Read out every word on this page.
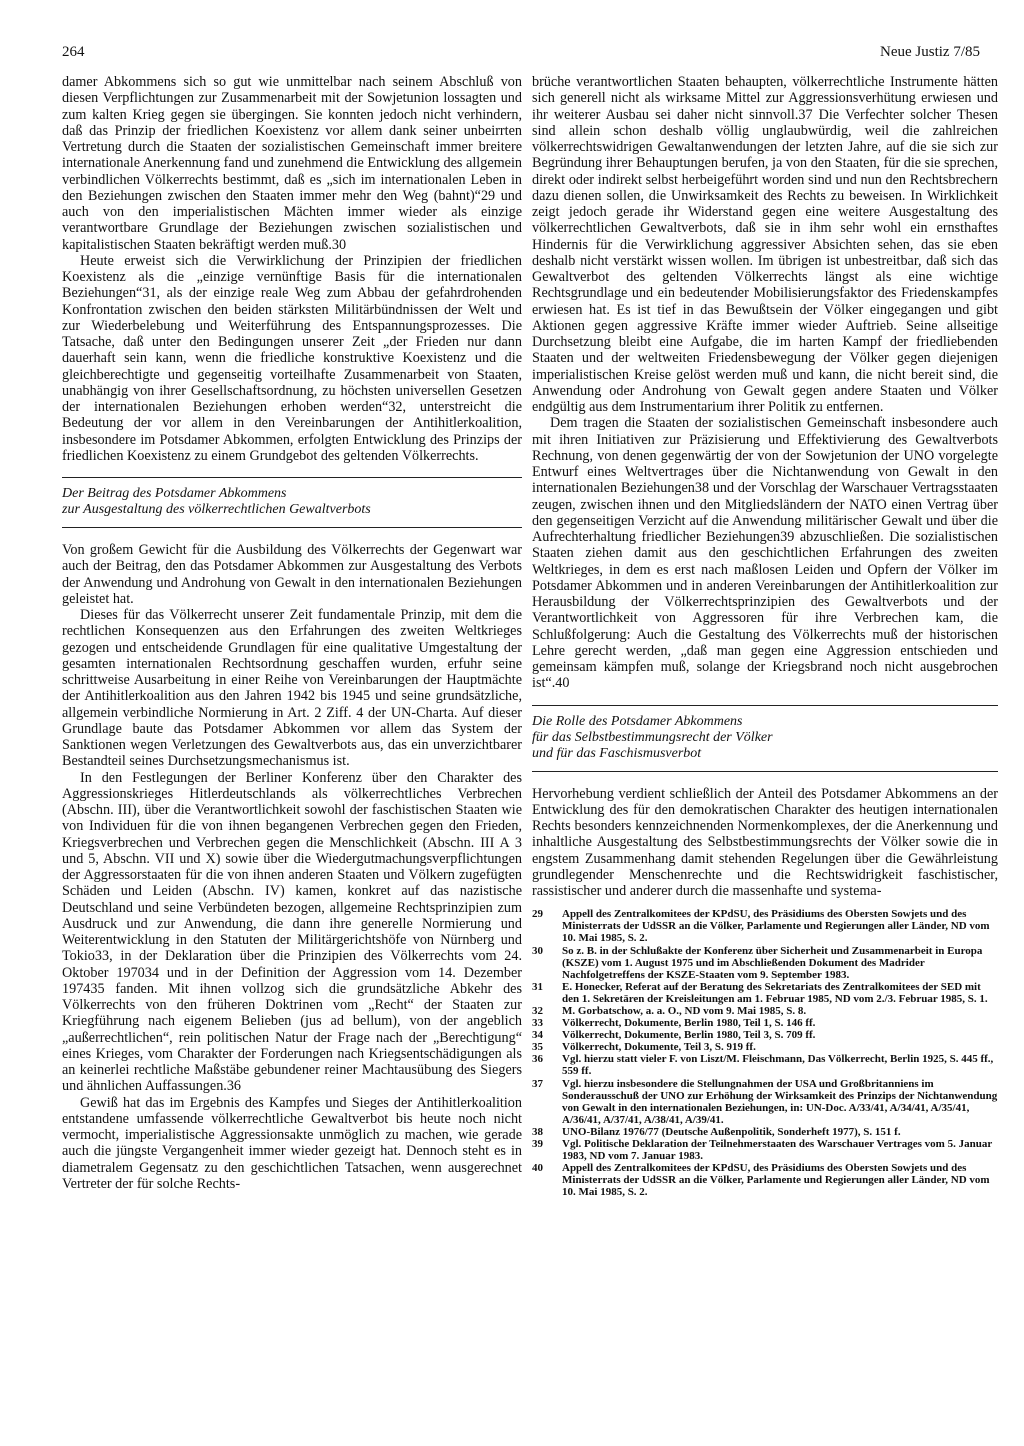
264	Neue Justiz 7/85

damer Abkommens sich so gut wie unmittelbar nach seinem Abschluß von diesen Verpflichtungen zur Zusammenarbeit mit der Sowjetunion lossagten und zum kalten Krieg gegen sie übergingen. Sie konnten jedoch nicht verhindern, daß das Prinzip der friedlichen Koexistenz vor allem dank seiner unbeirrten Vertretung durch die Staaten der sozialistischen Gemeinschaft immer breitere internationale Anerkennung fand und zunehmend die Entwicklung des allgemein verbindlichen Völkerrechts bestimmt, daß es „sich im internationalen Leben in den Beziehungen zwischen den Staaten immer mehr den Weg (bahnt)“29 und auch von den imperialistischen Mächten immer wieder als einzige verantwortbare Grundlage der Beziehungen zwischen sozialistischen und kapitalistischen Staaten bekräftigt werden muß.30

Heute erweist sich die Verwirklichung der Prinzipien der friedlichen Koexistenz als die „einzige vernünftige Basis für die internationalen Beziehungen“31, als der einzige reale Weg zum Abbau der gefahrdrohenden Konfrontation zwischen den beiden stärksten Militärbündnissen der Welt und zur Wiederbelebung und Weiterführung des Entspannungsprozesses. Die Tatsache, daß unter den Bedingungen unserer Zeit „der Frieden nur dann dauerhaft sein kann, wenn die friedliche konstruktive Koexistenz und die gleichberechtigte und gegenseitig vorteilhafte Zusammenarbeit von Staaten, unabhängig von ihrer Gesellschaftsordnung, zu höchsten universellen Gesetzen der internationalen Beziehungen erhoben werden“32, unterstreicht die Bedeutung der vor allem in den Vereinbarungen der Antihitlerkoalition, insbesondere im Potsdamer Abkommen, erfolgten Entwicklung des Prinzips der friedlichen Koexistenz zu einem Grundgebot des geltenden Völkerrechts.

Der Beitrag des Potsdamer Abkommens
zur Ausgestaltung des völkerrechtlichen Gewaltverbots

Von großem Gewicht für die Ausbildung des Völkerrechts der Gegenwart war auch der Beitrag, den das Potsdamer Abkommen zur Ausgestaltung des Verbots der Anwendung und Androhung von Gewalt in den internationalen Beziehungen geleistet hat.

Dieses für das Völkerrecht unserer Zeit fundamentale Prinzip, mit dem die rechtlichen Konsequenzen aus den Erfahrungen des zweiten Weltkrieges gezogen und entscheidende Grundlagen für eine qualitative Umgestaltung der gesamten internationalen Rechtsordnung geschaffen wurden, erfuhr seine schrittweise Ausarbeitung in einer Reihe von Vereinbarungen der Hauptmächte der Antihitlerkoalition aus den Jahren 1942 bis 1945 und seine grundsätzliche, allgemein verbindliche Normierung in Art. 2 Ziff. 4 der UN-Charta. Auf dieser Grundlage baute das Potsdamer Abkommen vor allem das System der Sanktionen wegen Verletzungen des Gewaltverbots aus, das ein unverzichtbarer Bestandteil seines Durchsetzungsmechanismus ist.

In den Festlegungen der Berliner Konferenz über den Charakter des Aggressionskrieges Hitlerdeutschlands als völkerrechtliches Verbrechen (Abschn. III), über die Verantwortlichkeit sowohl der faschistischen Staaten wie von Individuen für die von ihnen begangenen Verbrechen gegen den Frieden, Kriegsverbrechen und Verbrechen gegen die Menschlichkeit (Abschn. III A 3 und 5, Abschn. VII und X) sowie über die Wiedergutmachungsverpflichtungen der Aggressorstaaten für die von ihnen anderen Staaten und Völkern zugefügten Schäden und Leiden (Abschn. IV) kamen, konkret auf das nazistische Deutschland und seine Verbündeten bezogen, allgemeine Rechtsprinzipien zum Ausdruck und zur Anwendung, die dann ihre generelle Normierung und Weiterentwicklung in den Statuten der Militärgerichtshöfe von Nürnberg und Tokio33, in der Deklaration über die Prinzipien des Völkerrechts vom 24. Oktober 197034 und in der Definition der Aggression vom 14. Dezember 197435 fanden. Mit ihnen vollzog sich die grundsätzliche Abkehr des Völkerrechts von den früheren Doktrinen vom „Recht“ der Staaten zur Kriegführung nach eigenem Belieben (jus ad bellum), von der angeblich „außerrechtlichen“, rein politischen Natur der Frage nach der „Berechtigung“ eines Krieges, vom Charakter der Forderungen nach Kriegsentschädigungen als an keinerlei rechtliche Maßstäbe gebundener reiner Machtausübung des Siegers und ähnlichen Auffassungen.36

Gewiß hat das im Ergebnis des Kampfes und Sieges der Antihitlerkoalition entstandene umfassende völkerrechtliche Gewaltverbot bis heute noch nicht vermocht, imperialistische Aggressionsakte unmöglich zu machen, wie gerade auch die jüngste Vergangenheit immer wieder gezeigt hat. Dennoch steht es in diametralem Gegensatz zu den geschichtlichen Tatsachen, wenn ausgerechnet Vertreter der für solche Rechts-

brüche verantwortlichen Staaten behaupten, völkerrechtliche Instrumente hätten sich generell nicht als wirksame Mittel zur Aggressionsverhütung erwiesen und ihr weiterer Ausbau sei daher nicht sinnvoll.37 Die Verfechter solcher Thesen sind allein schon deshalb völlig unglaubwürdig, weil die zahlreichen völkerrechtswidrigen Gewaltanwendungen der letzten Jahre, auf die sie sich zur Begründung ihrer Behauptungen berufen, ja von den Staaten, für die sie sprechen, direkt oder indirekt selbst herbeigeführt worden sind und nun den Rechtsbrechern dazu dienen sollen, die Unwirksamkeit des Rechts zu beweisen. In Wirklichkeit zeigt jedoch gerade ihr Widerstand gegen eine weitere Ausgestaltung des völkerrechtlichen Gewaltverbots, daß sie in ihm sehr wohl ein ernsthaftes Hindernis für die Verwirklichung aggressiver Absichten sehen, das sie eben deshalb nicht verstärkt wissen wollen. Im übrigen ist unbestreitbar, daß sich das Gewaltverbot des geltenden Völkerrechts längst als eine wichtige Rechtsgrundlage und ein bedeutender Mobilisierungsfaktor des Friedenskampfes erwiesen hat. Es ist tief in das Bewußtsein der Völker eingegangen und gibt Aktionen gegen aggressive Kräfte immer wieder Auftrieb. Seine allseitige Durchsetzung bleibt eine Aufgabe, die im harten Kampf der friedliebenden Staaten und der weltweiten Friedensbewegung der Völker gegen diejenigen imperialistischen Kreise gelöst werden muß und kann, die nicht bereit sind, die Anwendung oder Androhung von Gewalt gegen andere Staaten und Völker endgültig aus dem Instrumentarium ihrer Politik zu entfernen.

Dem tragen die Staaten der sozialistischen Gemeinschaft insbesondere auch mit ihren Initiativen zur Präzisierung und Effektivierung des Gewaltverbots Rechnung, von denen gegenwärtig der von der Sowjetunion der UNO vorgelegte Entwurf eines Weltvertrages über die Nichtanwendung von Gewalt in den internationalen Beziehungen38 und der Vorschlag der Warschauer Vertragsstaaten zeugen, zwischen ihnen und den Mitgliedsländern der NATO einen Vertrag über den gegenseitigen Verzicht auf die Anwendung militärischer Gewalt und über die Aufrechterhaltung friedlicher Beziehungen39 abzuschließen. Die sozialistischen Staaten ziehen damit aus den geschichtlichen Erfahrungen des zweiten Weltkrieges, in dem es erst nach maßlosen Leiden und Opfern der Völker im Potsdamer Abkommen und in anderen Vereinbarungen der Antihitlerkoalition zur Herausbildung der Völkerrechtsprinzipien des Gewaltverbots und der Verantwortlichkeit von Aggressoren für ihre Verbrechen kam, die Schlußfolgerung: Auch die Gestaltung des Völkerrechts muß der historischen Lehre gerecht werden, „daß man gegen eine Aggression entschieden und gemeinsam kämpfen muß, solange der Kriegsbrand noch nicht ausgebrochen ist“.40

Die Rolle des Potsdamer Abkommens
für das Selbstbestimmungsrecht der Völker
und für das Faschismusverbot

Hervorhebung verdient schließlich der Anteil des Potsdamer Abkommens an der Entwicklung des für den demokratischen Charakter des heutigen internationalen Rechts besonders kennzeichnenden Normenkomplexes, der die Anerkennung und inhaltliche Ausgestaltung des Selbstbestimmungsrechts der Völker sowie die in engstem Zusammenhang damit stehenden Regelungen über die Gewährleistung grundlegender Menschenrechte und die Rechtswidrigkeit faschistischer, rassistischer und anderer durch die massenhafte und systema-

29	Appell des Zentralkomitees der KPdSU, des Präsidiums des Obersten Sowjets und des Ministerrats der UdSSR an die Völker, Parlamente und Regierungen aller Länder, ND vom 10. Mai 1985, S. 2.
30	So z. B. in der Schlußakte der Konferenz über Sicherheit und Zusammenarbeit in Europa (KSZE) vom 1. August 1975 und im Abschließenden Dokument des Madrider Nachfolgetreffens der KSZE-Staaten vom 9. September 1983.
31	E. Honecker, Referat auf der Beratung des Sekretariats des Zentralkomitees der SED mit den 1. Sekretären der Kreisleitungen am 1. Februar 1985, ND vom 2./3. Februar 1985, S. 1.
32	M. Gorbatschow, a. a. O., ND vom 9. Mai 1985, S. 8.
33	Völkerrecht, Dokumente, Berlin 1980, Teil 1, S. 146 ff.
34	Völkerrecht, Dokumente, Berlin 1980, Teil 3, S. 709 ff.
35	Völkerrecht, Dokumente, Teil 3, S. 919 ff.
36	Vgl. hierzu statt vieler F. von Liszt/M. Fleischmann, Das Völkerrecht, Berlin 1925, S. 445 ff., 559 ff.
37	Vgl. hierzu insbesondere die Stellungnahmen der USA und Großbritanniens im Sonderausschuß der UNO zur Erhöhung der Wirksamkeit des Prinzips der Nichtanwendung von Gewalt in den internationalen Beziehungen, in: UN-Doc. A/33/41, A/34/41, A/35/41, A/36/41, A/37/41, A/38/41, A/39/41.
38	UNO-Bilanz 1976/77 (Deutsche Außenpolitik, Sonderheft 1977), S. 151 f.
39	Vgl. Politische Deklaration der Teilnehmerstaaten des Warschauer Vertrages vom 5. Januar 1983, ND vom 7. Januar 1983.
40	Appell des Zentralkomitees der KPdSU, des Präsidiums des Obersten Sowjets und des Ministerrats der UdSSR an die Völker, Parlamente und Regierungen aller Länder, ND vom 10. Mai 1985, S. 2.
